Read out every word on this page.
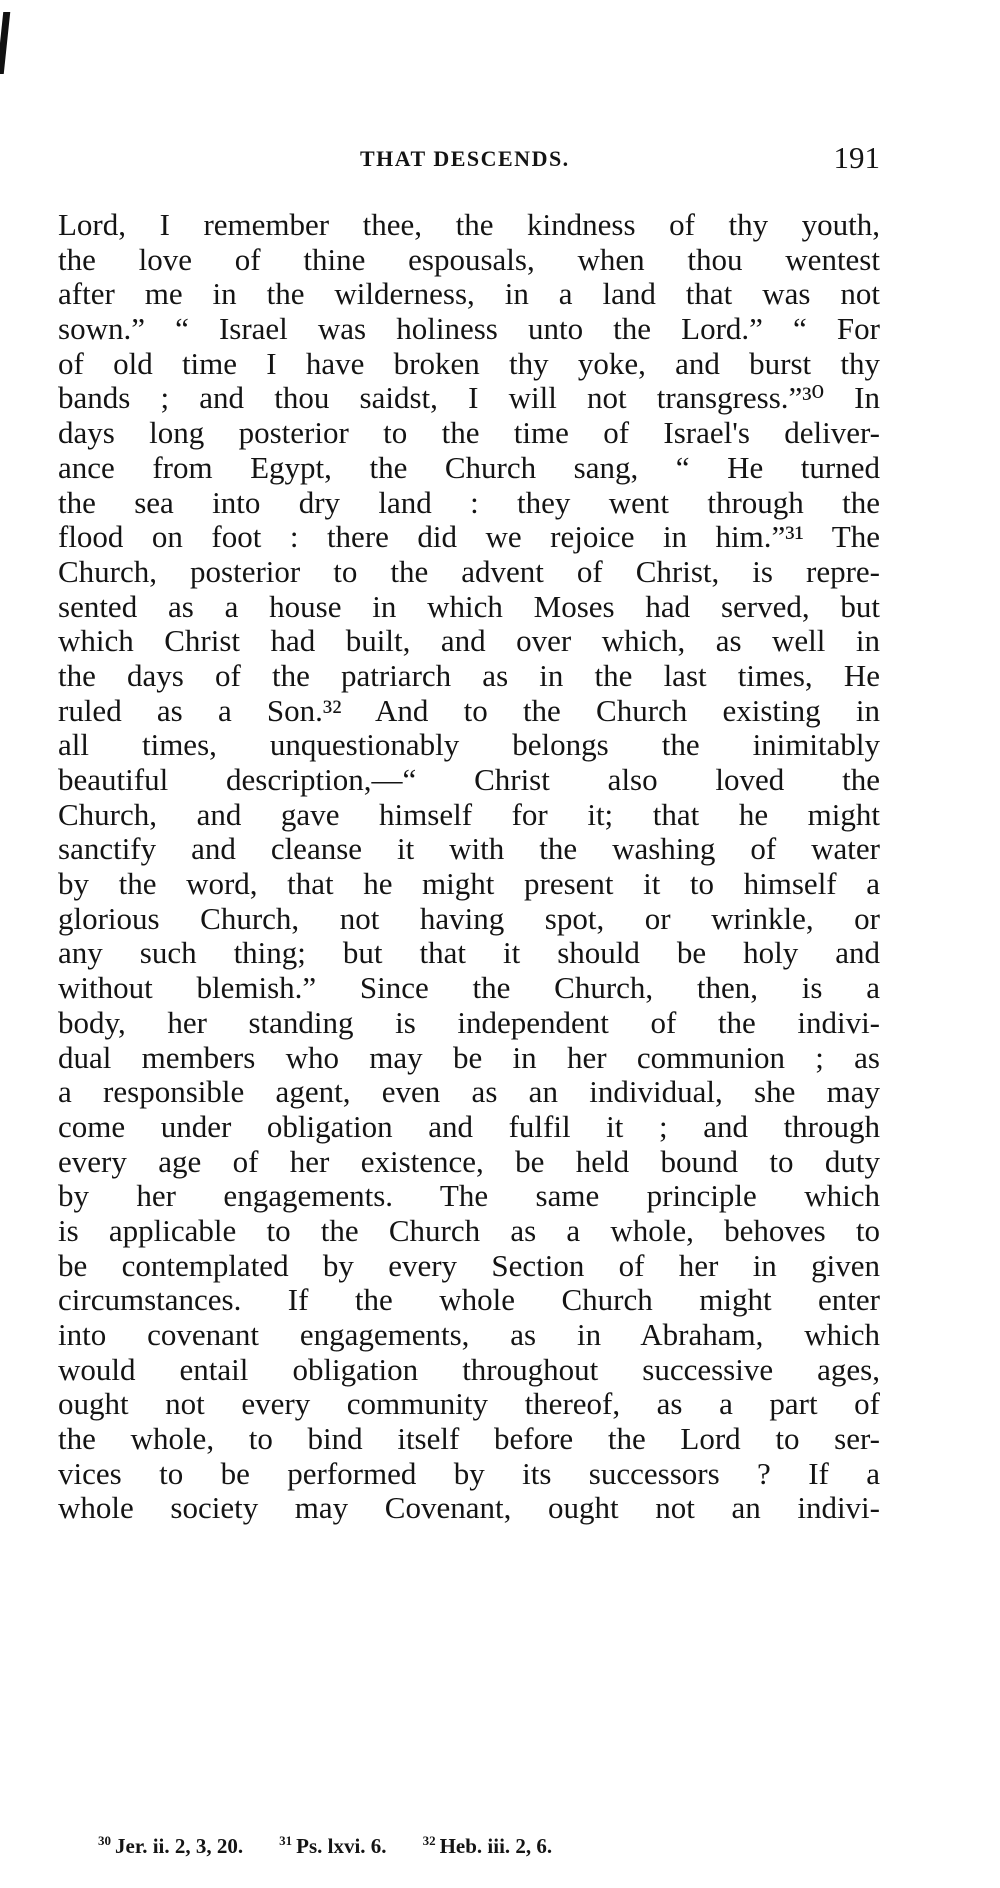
THAT DESCENDS.	191
Lord, I remember thee, the kindness of thy youth,
the love of thine espousals, when thou wentest
after me in the wilderness, in a land that was not
sown.” “ Israel was holiness unto the Lord.” “ For
of old time I have broken thy yoke, and burst thy
bands ; and thou saidst, I will not transgress.”³⁰ In
days long posterior to the time of Israel's deliver-
ance from Egypt, the Church sang, “ He turned
the sea into dry land : they went through the
flood on foot : there did we rejoice in him.”³¹ The
Church, posterior to the advent of Christ, is repre-
sented as a house in which Moses had served, but
which Christ had built, and over which, as well in
the days of the patriarch as in the last times, He
ruled as a Son.³² And to the Church existing in
all times, unquestionably belongs the inimitably
beautiful description,—“ Christ also loved the
Church, and gave himself for it; that he might
sanctify and cleanse it with the washing of water
by the word, that he might present it to himself a
glorious Church, not having spot, or wrinkle, or
any such thing; but that it should be holy and
without blemish.” Since the Church, then, is a
body, her standing is independent of the indivi-
dual members who may be in her communion ; as
a responsible agent, even as an individual, she may
come under obligation and fulfil it ; and through
every age of her existence, be held bound to duty
by her engagements. The same principle which
is applicable to the Church as a whole, behoves to
be contemplated by every Section of her in given
circumstances. If the whole Church might enter
into covenant engagements, as in Abraham, which
would entail obligation throughout successive ages,
ought not every community thereof, as a part of
the whole, to bind itself before the Lord to ser-
vices to be performed by its successors ? If a
whole society may Covenant, ought not an indivi-
$^{30}$ Jer. ii. 2, 3, 20.	$^{31}$ Ps. lxvi. 6.	$^{32}$ Heb. iii. 2, 6.
